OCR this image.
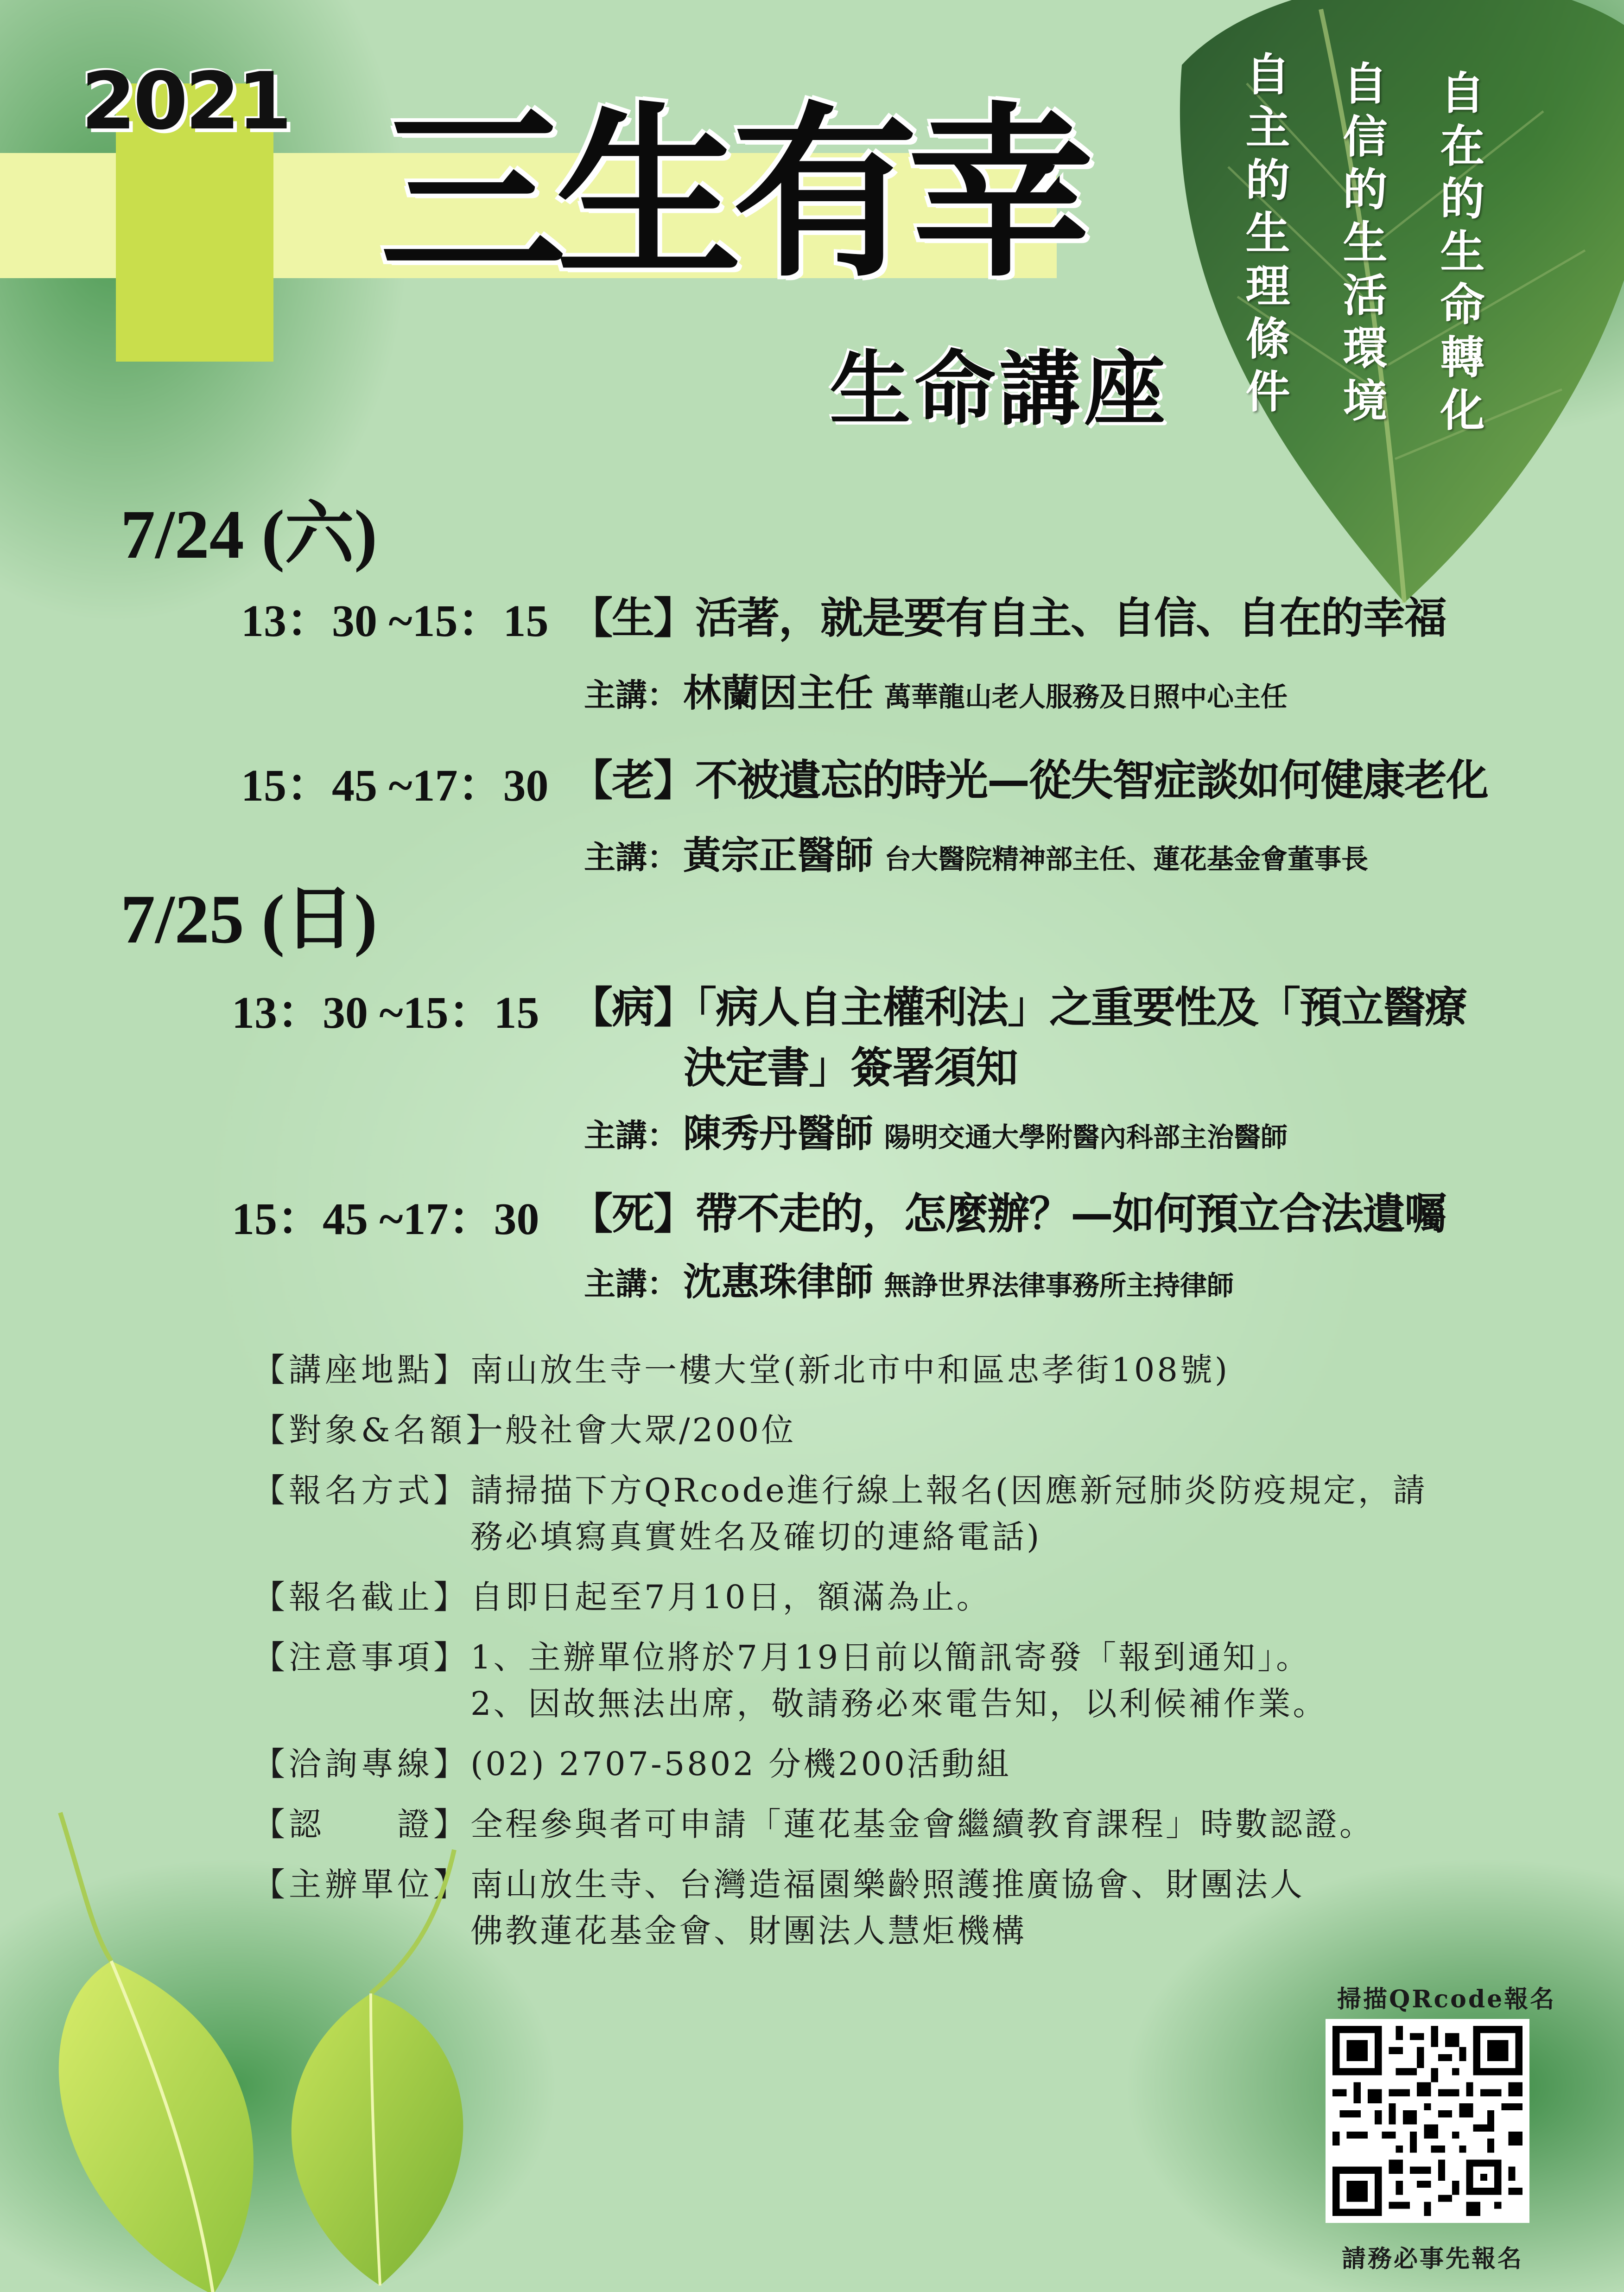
2021 三生有幸
生命講座	自在的生命轉化
自信的生活環境
自主的生理條件
7/24 (六)
13：30 ~15：15 【生】活著，就是要有自主、自信、自在的幸福
主講： 林蘭因主任 萬華龍山老人服務及日照中心主任
15：45 ~17：30 【老】不被遺忘的時光—從失智症談如何健康老化
主講： 黃宗正醫師 台大醫院精神部主任、蓮花基金會董事長
7/25 (日)
13：30 ~15：15 【病】「病人自主權利法」之重要性及「預立醫療
決定書」簽署須知
主講： 陳秀丹醫師 陽明交通大學附醫內科部主治醫師
15：45 ~17：30 【死】帶不走的，怎麼辦？—如何預立合法遺囑
主講： 沈惠珠律師 無諍世界法律事務所主持律師
【講座地點】 南山放生寺一樓大堂(新北市中和區忠孝街108號)
【對象&名額】
一般社會大眾/200位
【報名方式】 請掃描下方QRcode進行線上報名(因應新冠肺炎防疫規定，請
務必填寫真實姓名及確切的連絡電話)
【報名截止】 自即日起至7月10日，額滿為止。
【注意事項】 1、主辦單位將於7月19日前以簡訊寄發「報到通知」。
2、因故無法出席，敬請務必來電告知，以利候補作業。
【洽詢專線】 (02) 2707-5802 分機200活動組
【認　　證】 全程參與者可申請「蓮花基金會繼續教育課程」時數認證。
【主辦單位】 南山放生寺、台灣造福園樂齡照護推廣協會、財團法人
佛教蓮花基金會、財團法人慧炬機構
掃描QRcode報名
請務必事先報名
